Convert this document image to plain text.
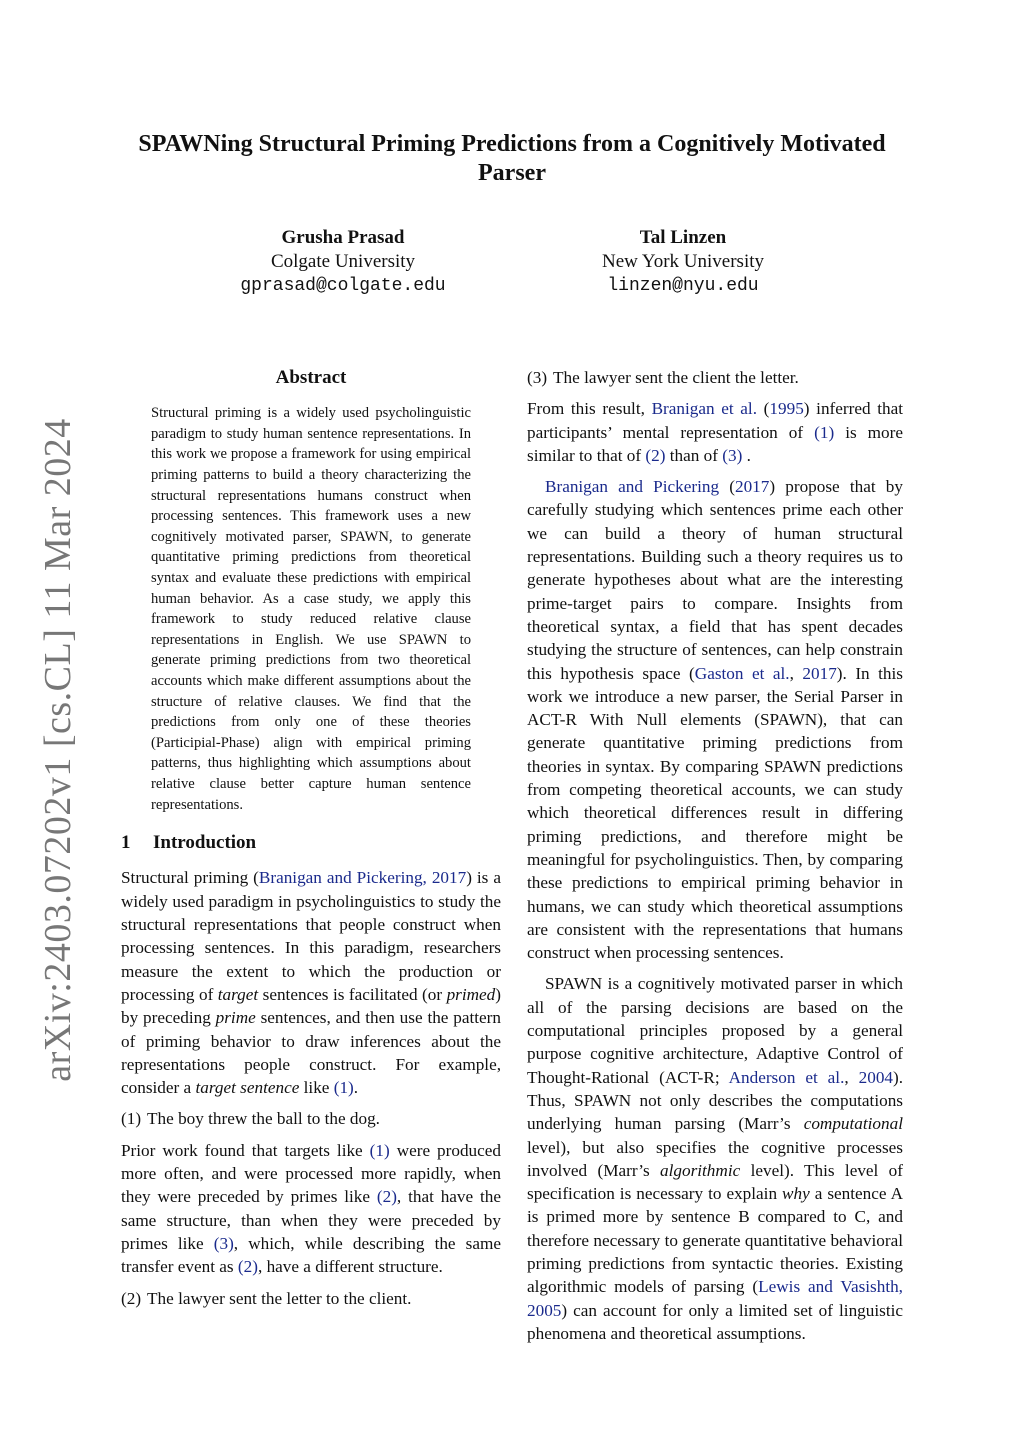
arXiv:2403.07202v1 [cs.CL] 11 Mar 2024
SPAWNing Structural Priming Predictions from a Cognitively Motivated Parser
Grusha Prasad
Colgate University
gprasad@colgate.edu
Tal Linzen
New York University
linzen@nyu.edu
Abstract
Structural priming is a widely used psycholinguistic paradigm to study human sentence representations. In this work we propose a framework for using empirical priming patterns to build a theory characterizing the structural representations humans construct when processing sentences. This framework uses a new cognitively motivated parser, SPAWN, to generate quantitative priming predictions from theoretical syntax and evaluate these predictions with empirical human behavior. As a case study, we apply this framework to study reduced relative clause representations in English. We use SPAWN to generate priming predictions from two theoretical accounts which make different assumptions about the structure of relative clauses. We find that the predictions from only one of these theories (Participial-Phase) align with empirical priming patterns, thus highlighting which assumptions about relative clause better capture human sentence representations.
1 Introduction

Structural priming (Branigan and Pickering, 2017) is a widely used paradigm in psycholinguistics to study the structural representations that people construct when processing sentences. In this paradigm, researchers measure the extent to which the production or processing of target sentences is facilitated (or primed) by preceding prime sentences, and then use the pattern of priming behavior to draw inferences about the representations people construct. For example, consider a target sentence like (1).

(1) The boy threw the ball to the dog.

Prior work found that targets like (1) were produced more often, and were processed more rapidly, when they were preceded by primes like (2), that have the same structure, than when they were preceded by primes like (3), which, while describing the same transfer event as (2), have a different structure.

(2) The lawyer sent the letter to the client.
(3) The lawyer sent the client the letter.

From this result, Branigan et al. (1995) inferred that participants’ mental representation of (1) is more similar to that of (2) than of (3) .

Branigan and Pickering (2017) propose that by carefully studying which sentences prime each other we can build a theory of human structural representations. Building such a theory requires us to generate hypotheses about what are the interesting prime-target pairs to compare. Insights from theoretical syntax, a field that has spent decades studying the structure of sentences, can help constrain this hypothesis space (Gaston et al., 2017). In this work we introduce a new parser, the Serial Parser in ACT-R With Null elements (SPAWN), that can generate quantitative priming predictions from theories in syntax. By comparing SPAWN predictions from competing theoretical accounts, we can study which theoretical differences result in differing priming predictions, and therefore might be meaningful for psycholinguistics. Then, by comparing these predictions to empirical priming behavior in humans, we can study which theoretical assumptions are consistent with the representations that humans construct when processing sentences.

SPAWN is a cognitively motivated parser in which all of the parsing decisions are based on the computational principles proposed by a general purpose cognitive architecture, Adaptive Control of Thought-Rational (ACT-R; Anderson et al., 2004). Thus, SPAWN not only describes the computations underlying human parsing (Marr’s computational level), but also specifies the cognitive processes involved (Marr’s algorithmic level). This level of specification is necessary to explain why a sentence A is primed more by sentence B compared to C, and therefore necessary to generate quantitative behavioral priming predictions from syntactic theories. Existing algorithmic models of parsing (Lewis and Vasishth, 2005) can account for only a limited set of linguistic phenomena and theoretical assumptions.
